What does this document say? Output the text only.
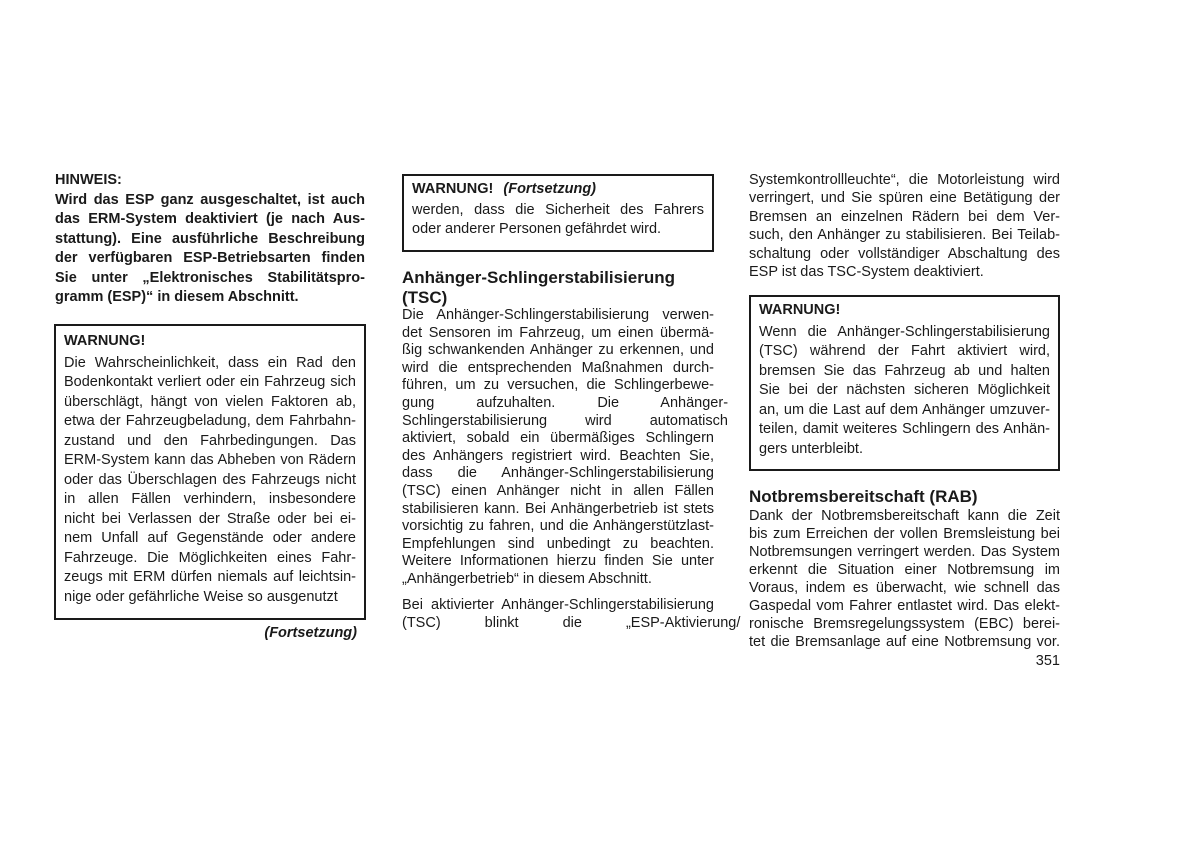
HINWEIS:
Wird das ESP ganz ausgeschaltet, ist auch
das ERM-System deaktiviert (je nach Aus-
stattung). Eine ausführliche Beschreibung
der verfügbaren ESP-Betriebsarten finden
Sie unter „Elektronisches Stabilitätspro-
gramm (ESP)“ in diesem Abschnitt.
WARNUNG!
Die Wahrscheinlichkeit, dass ein Rad den
Bodenkontakt verliert oder ein Fahrzeug sich
überschlägt, hängt von vielen Faktoren ab,
etwa der Fahrzeugbeladung, dem Fahrbahn-
zustand und den Fahrbedingungen. Das
ERM-System kann das Abheben von Rädern
oder das Überschlagen des Fahrzeugs nicht
in allen Fällen verhindern, insbesondere
nicht bei Verlassen der Straße oder bei ei-
nem Unfall auf Gegenstände oder andere
Fahrzeuge. Die Möglichkeiten eines Fahr-
zeugs mit ERM dürfen niemals auf leichtsin-
nige oder gefährliche Weise so ausgenutzt
(Fortsetzung)
WARNUNG! (Fortsetzung)
werden, dass die Sicherheit des Fahrers
oder anderer Personen gefährdet wird.
Anhänger-Schlingerstabilisierung
(TSC)
Die Anhänger-Schlingerstabilisierung verwen-
det Sensoren im Fahrzeug, um einen übermä-
ßig schwankenden Anhänger zu erkennen, und
wird die entsprechenden Maßnahmen durch-
führen, um zu versuchen, die Schlingerbewe-
gung aufzuhalten. Die Anhänger-
Schlingerstabilisierung wird automatisch
aktiviert, sobald ein übermäßiges Schlingern
des Anhängers registriert wird. Beachten Sie,
dass die Anhänger-Schlingerstabilisierung
(TSC) einen Anhänger nicht in allen Fällen
stabilisieren kann. Bei Anhängerbetrieb ist stets
vorsichtig zu fahren, und die Anhängerstützlast-
Empfehlungen sind unbedingt zu beachten.
Weitere Informationen hierzu finden Sie unter
„Anhängerbetrieb“ in diesem Abschnitt.
Bei aktivierter Anhänger-Schlingerstabilisierung
(TSC) blinkt die „ESP-Aktivierung/
Systemkontrollleuchte“, die Motorleistung wird
verringert, und Sie spüren eine Betätigung der
Bremsen an einzelnen Rädern bei dem Ver-
such, den Anhänger zu stabilisieren. Bei Teilab-
schaltung oder vollständiger Abschaltung des
ESP ist das TSC-System deaktiviert.
WARNUNG!
Wenn die Anhänger-Schlingerstabilisierung
(TSC) während der Fahrt aktiviert wird,
bremsen Sie das Fahrzeug ab und halten
Sie bei der nächsten sicheren Möglichkeit
an, um die Last auf dem Anhänger umzuver-
teilen, damit weiteres Schlingern des Anhän-
gers unterbleibt.
Notbremsbereitschaft (RAB)
Dank der Notbremsbereitschaft kann die Zeit
bis zum Erreichen der vollen Bremsleistung bei
Notbremsungen verringert werden. Das System
erkennt die Situation einer Notbremsung im
Voraus, indem es überwacht, wie schnell das
Gaspedal vom Fahrer entlastet wird. Das elekt-
ronische Bremsregelungssystem (EBC) berei-
tet die Bremsanlage auf eine Notbremsung vor.
351
